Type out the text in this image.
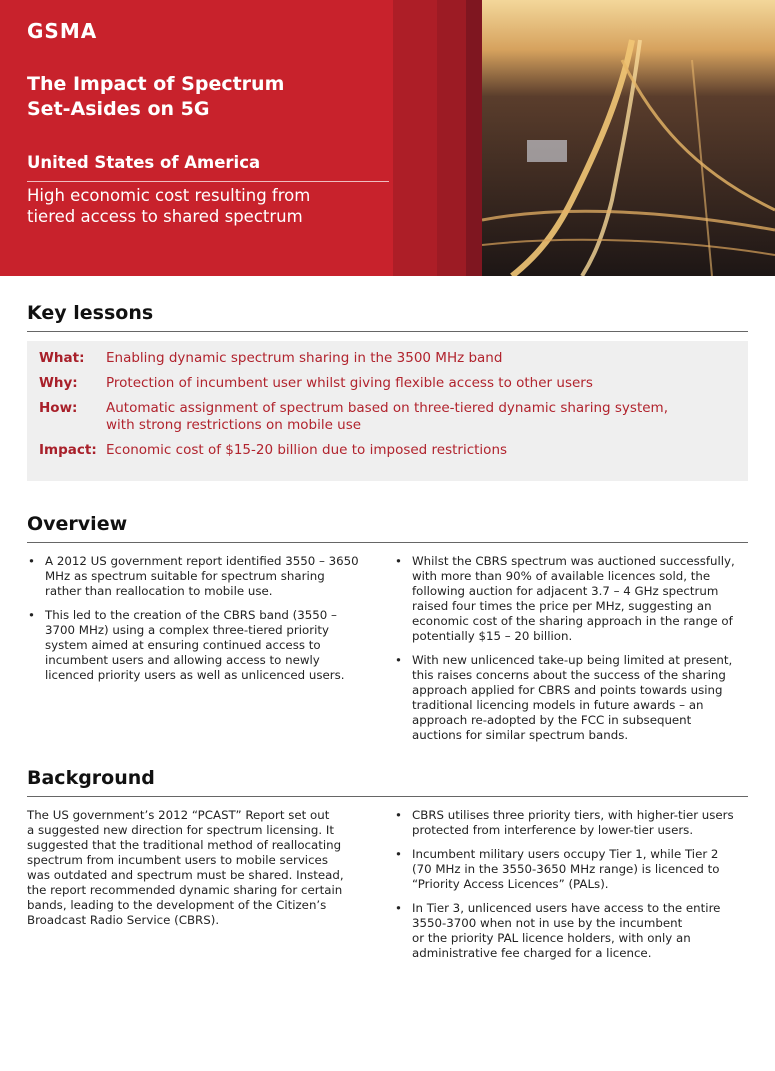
GSMA
The Impact of Spectrum
Set-Asides on 5G
United States of America
High economic cost resulting from
tiered access to shared spectrum
Key lessons
What:	Enabling dynamic spectrum sharing in the 3500 MHz band
Why:	Protection of incumbent user whilst giving flexible access to other users
How:	Automatic assignment of spectrum based on three-tiered dynamic sharing system,
with strong restrictions on mobile use
Impact: Economic cost of $15-20 billion due to imposed restrictions
Overview
• A 2012 US government report identified 3550 – 3650
MHz as spectrum suitable for spectrum sharing
rather than reallocation to mobile use.
• This led to the creation of the CBRS band (3550 –
3700 MHz) using a complex three-tiered priority
system aimed at ensuring continued access to
incumbent users and allowing access to newly
licenced priority users as well as unlicenced users.
• Whilst the CBRS spectrum was auctioned successfully,
with more than 90% of available licences sold, the
following auction for adjacent 3.7 – 4 GHz spectrum
raised four times the price per MHz, suggesting an
economic cost of the sharing approach in the range of
potentially $15 – 20 billion.
• With new unlicenced take-up being limited at present,
this raises concerns about the success of the sharing
approach applied for CBRS and points towards using
traditional licencing models in future awards – an
approach re-adopted by the FCC in subsequent
auctions for similar spectrum bands.
Background

The US government’s 2012 “PCAST” Report set out
a suggested new direction for spectrum licensing. It
suggested that the traditional method of reallocating
spectrum from incumbent users to mobile services
was outdated and spectrum must be shared. Instead,
the report recommended dynamic sharing for certain
bands, leading to the development of the Citizen’s
Broadcast Radio Service (CBRS).

• CBRS utilises three priority tiers, with higher-tier users
protected from interference by lower-tier users.
• Incumbent military users occupy Tier 1, while Tier 2
(70 MHz in the 3550-3650 MHz range) is licenced to
“Priority Access Licences” (PALs).
• In Tier 3, unlicenced users have access to the entire
3550-3700 when not in use by the incumbent
or the priority PAL licence holders, with only an
administrative fee charged for a licence.
